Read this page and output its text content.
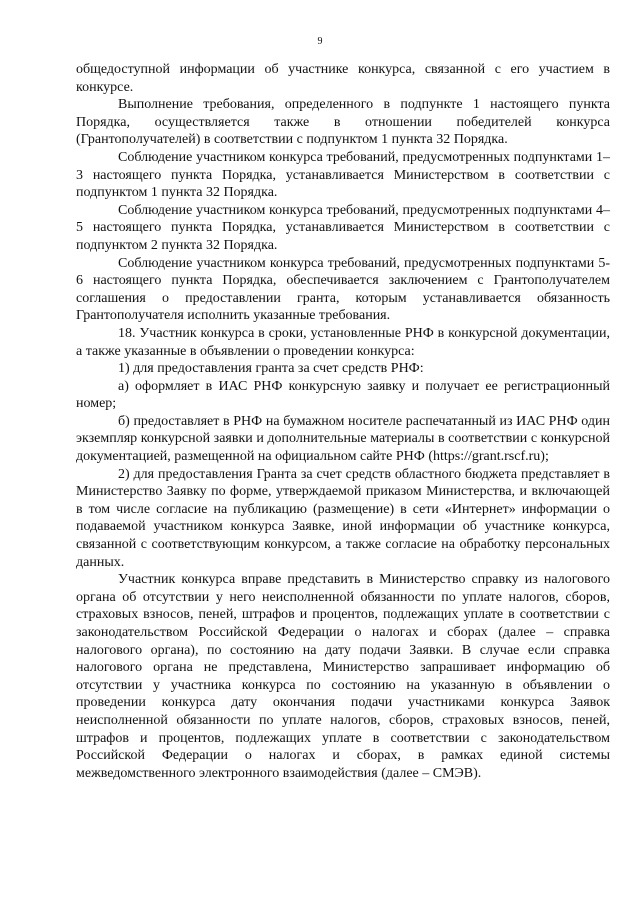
9

общедоступной информации об участнике конкурса, связанной с его участием в конкурсе.

Выполнение требования, определенного в подпункте 1 настоящего пункта Порядка, осуществляется также в отношении победителей конкурса (Грантополучателей) в соответствии с подпунктом 1 пункта 32 Порядка.

Соблюдение участником конкурса требований, предусмотренных подпунктами 1–3 настоящего пункта Порядка, устанавливается Министерством в соответствии с подпунктом 1 пункта 32 Порядка.

Соблюдение участником конкурса требований, предусмотренных подпунктами 4–5 настоящего пункта Порядка, устанавливается Министерством в соответствии с подпунктом 2 пункта 32 Порядка.

Соблюдение участником конкурса требований, предусмотренных подпунктами 5-6 настоящего пункта Порядка, обеспечивается заключением с Грантополучателем соглашения о предоставлении гранта, которым устанавливается обязанность Грантополучателя исполнить указанные требования.

18. Участник конкурса в сроки, установленные РНФ в конкурсной документации, а также указанные в объявлении о проведении конкурса:

1) для предоставления гранта за счет средств РНФ:

а) оформляет в ИАС РНФ конкурсную заявку и получает ее регистрационный номер;

б) предоставляет в РНФ на бумажном носителе распечатанный из ИАС РНФ один экземпляр конкурсной заявки и дополнительные материалы в соответствии с конкурсной документацией, размещенной на официальном сайте РНФ (https://grant.rscf.ru);

2) для предоставления Гранта за счет средств областного бюджета представляет в Министерство Заявку по форме, утверждаемой приказом Министерства, и включающей в том числе согласие на публикацию (размещение) в сети «Интернет» информации о подаваемой участником конкурса Заявке, иной информации об участнике конкурса, связанной с соответствующим конкурсом, а также согласие на обработку персональных данных.

Участник конкурса вправе представить в Министерство справку из налогового органа об отсутствии у него неисполненной обязанности по уплате налогов, сборов, страховых взносов, пеней, штрафов и процентов, подлежащих уплате в соответствии с законодательством Российской Федерации о налогах и сборах (далее – справка налогового органа), по состоянию на дату подачи Заявки. В случае если справка налогового органа не представлена, Министерство запрашивает информацию об отсутствии у участника конкурса по состоянию на указанную в объявлении о проведении конкурса дату окончания подачи участниками конкурса Заявок неисполненной обязанности по уплате налогов, сборов, страховых взносов, пеней, штрафов и процентов, подлежащих уплате в соответствии с законодательством Российской Федерации о налогах и сборах, в рамках единой системы межведомственного электронного взаимодействия (далее – СМЭВ).
